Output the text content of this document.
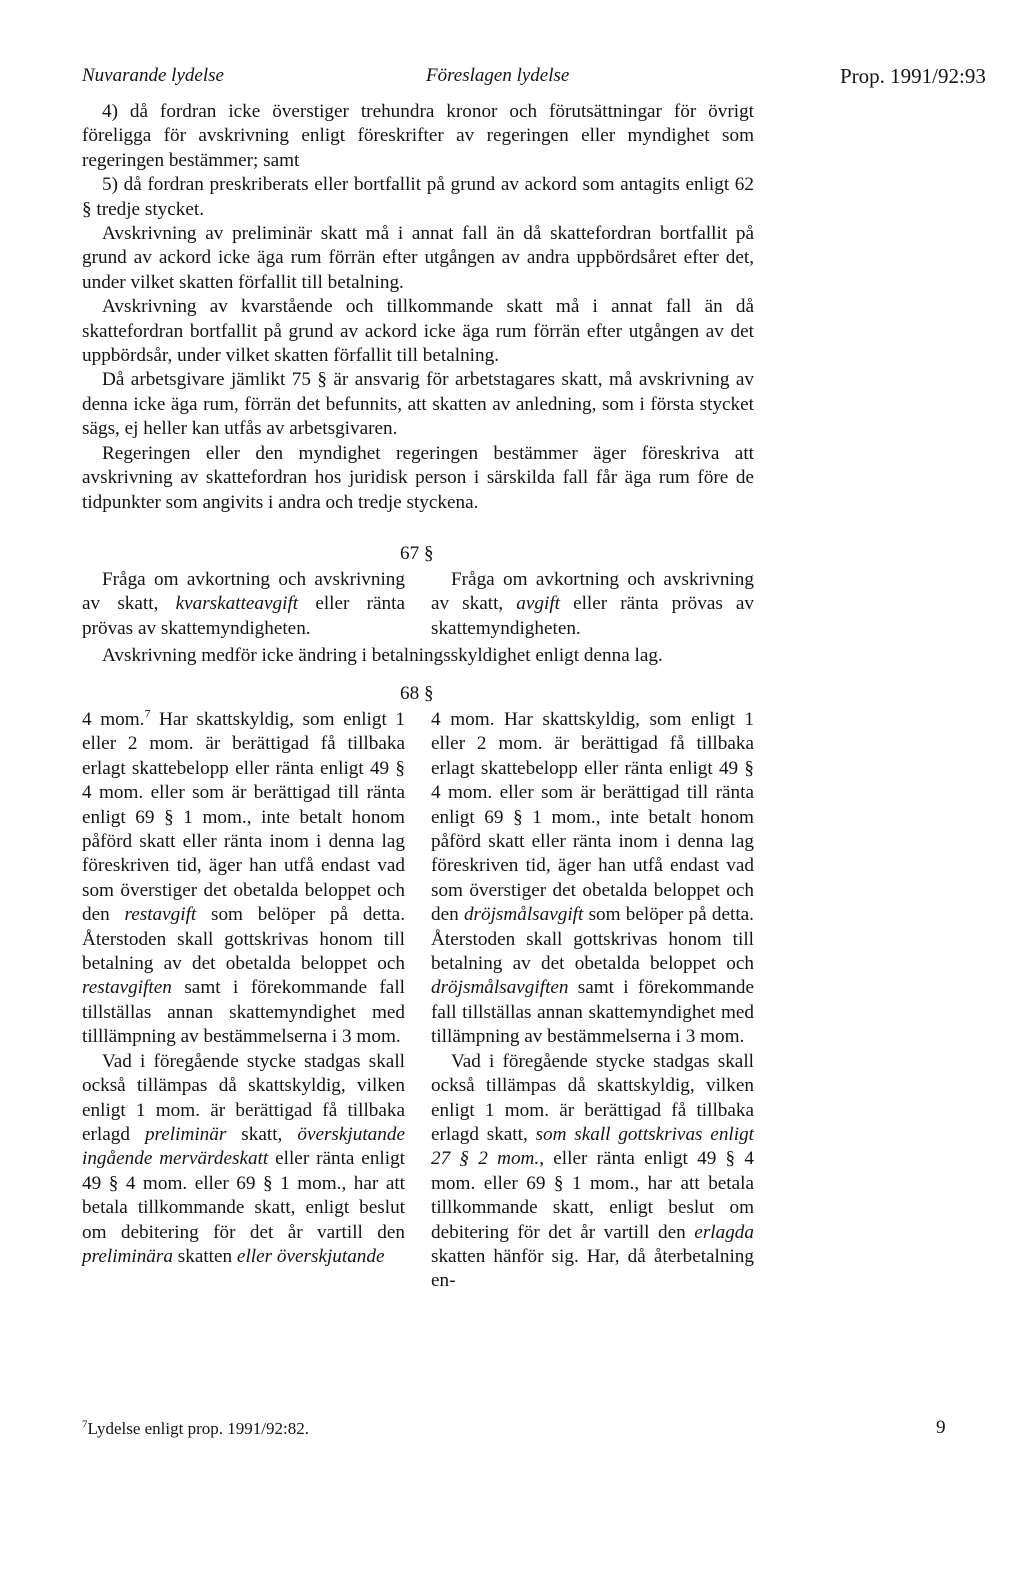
Nuvarande lydelse	Föreslagen lydelse	Prop. 1991/92:93

4) då fordran icke överstiger trehundra kronor och förutsättningar för övrigt föreligga för avskrivning enligt föreskrifter av regeringen eller myndighet som regeringen bestämmer; samt

5) då fordran preskriberats eller bortfallit på grund av ackord som antagits enligt 62 § tredje stycket.

Avskrivning av preliminär skatt må i annat fall än då skattefordran bortfallit på grund av ackord icke äga rum förrän efter utgången av andra uppbördsåret efter det, under vilket skatten förfallit till betalning.

Avskrivning av kvarstående och tillkommande skatt må i annat fall än då skattefordran bortfallit på grund av ackord icke äga rum förrän efter utgången av det uppbördsår, under vilket skatten förfallit till betalning.

Då arbetsgivare jämlikt 75 § är ansvarig för arbetstagares skatt, må avskrivning av denna icke äga rum, förrän det befunnits, att skatten av anledning, som i första stycket sägs, ej heller kan utfås av arbetsgivaren.

Regeringen eller den myndighet regeringen bestämmer äger föreskriva att avskrivning av skattefordran hos juridisk person i särskilda fall får äga rum före de tidpunkter som angivits i andra och tredje styckena.

67 §

Fråga om avkortning och avskrivning av skatt, kvarskatteavgift eller ränta prövas av skattemyndigheten.

Fråga om avkortning och avskrivning av skatt, avgift eller ränta prövas av skattemyndigheten.

Avskrivning medför icke ändring i betalningsskyldighet enligt denna lag.

68 §

4 mom.$^7$ Har skattskyldig, som enligt 1 eller 2 mom. är berättigad få tillbaka erlagt skattebelopp eller ränta enligt 49 § 4 mom. eller som är berättigad till ränta enligt 69 § 1 mom., inte betalt honom påförd skatt eller ränta inom i denna lag föreskriven tid, äger han utfå endast vad som överstiger det obetalda beloppet och den restavgift som belöper på detta. Återstoden skall gottskrivas honom till betalning av det obetalda beloppet och restavgiften samt i förekommande fall tillställas annan skattemyndighet med tilllämpning av bestämmelserna i 3 mom.

Vad i föregående stycke stadgas skall också tillämpas då skattskyldig, vilken enligt 1 mom. är berättigad få tillbaka erlagd preliminär skatt, överskjutande ingående mervärdeskatt eller ränta enligt 49 § 4 mom. eller 69 § 1 mom., har att betala tillkommande skatt, enligt beslut om debitering för det år vartill den preliminära skatten eller överskjutande

4 mom. Har skattskyldig, som enligt 1 eller 2 mom. är berättigad få tillbaka erlagt skattebelopp eller ränta enligt 49 § 4 mom. eller som är berättigad till ränta enligt 69 § 1 mom., inte betalt honom påförd skatt eller ränta inom i denna lag föreskriven tid, äger han utfå endast vad som överstiger det obetalda beloppet och den dröjsmålsavgift som belöper på detta. Återstoden skall gottskrivas honom till betalning av det obetalda beloppet och dröjsmålsavgiften samt i förekommande fall tillställas annan skattemyndighet med tillämpning av bestämmelserna i 3 mom.

Vad i föregående stycke stadgas skall också tillämpas då skattskyldig, vilken enligt 1 mom. är berättigad få tillbaka erlagd skatt, som skall gottskrivas enligt 27 § 2 mom., eller ränta enligt 49 § 4 mom. eller 69 § 1 mom., har att betala tillkommande skatt, enligt beslut om debitering för det år vartill den erlagda skatten hänför sig. Har, då återbetalning en-

$^7$Lydelse enligt prop. 1991/92:82.	9
